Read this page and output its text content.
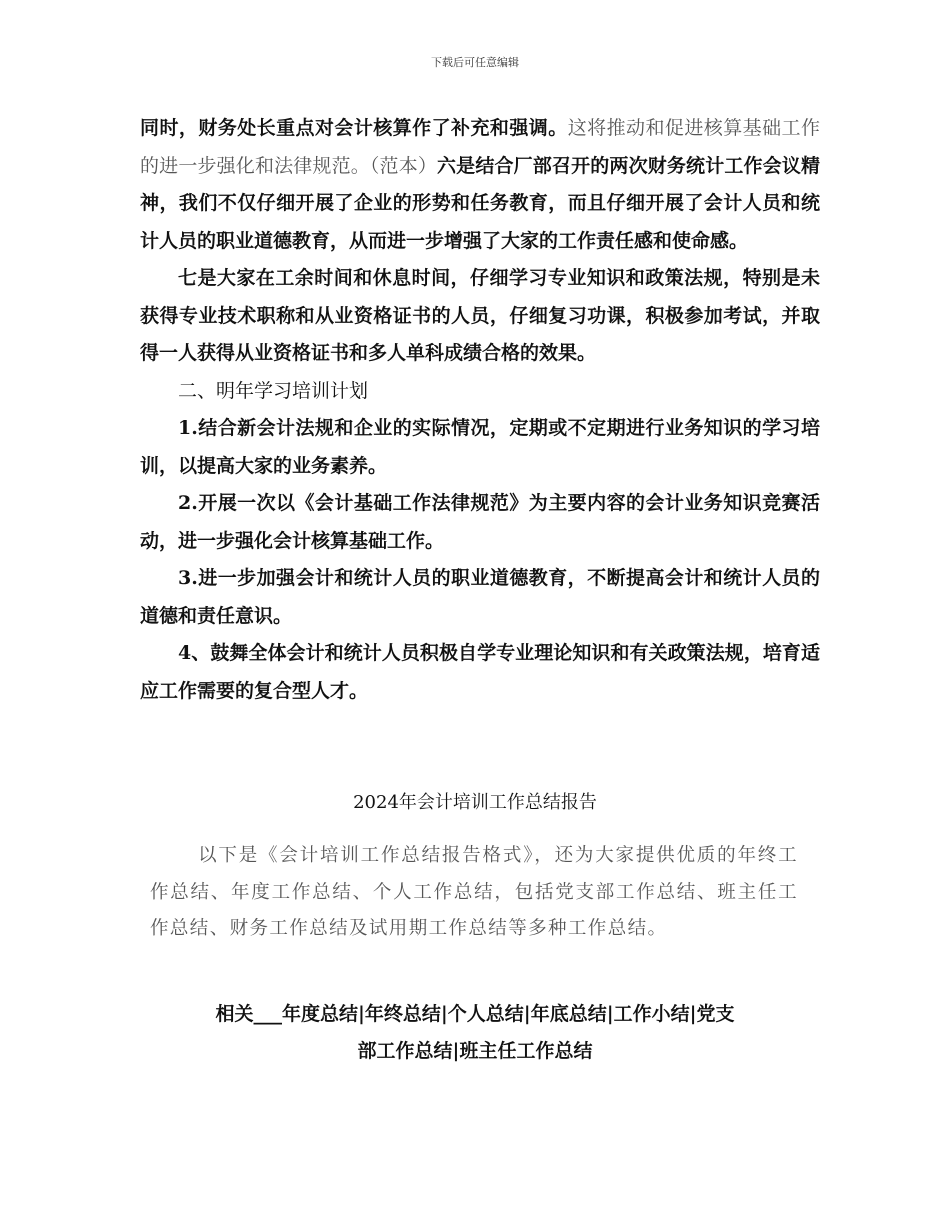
下载后可任意编辑

同时，财务处长重点对会计核算作了补充和强调。这将推动和促进核算基础工作的进一步强化和法律规范。（范本）六是结合厂部召开的两次财务统计工作会议精神，我们不仅仔细开展了企业的形势和任务教育，而且仔细开展了会计人员和统计人员的职业道德教育，从而进一步增强了大家的工作责任感和使命感。

七是大家在工余时间和休息时间，仔细学习专业知识和政策法规，特别是未获得专业技术职称和从业资格证书的人员，仔细复习功课，积极参加考试，并取得一人获得从业资格证书和多人单科成绩合格的效果。

二、明年学习培训计划

1.结合新会计法规和企业的实际情况，定期或不定期进行业务知识的学习培训，以提高大家的业务素养。

2.开展一次以《会计基础工作法律规范》为主要内容的会计业务知识竞赛活动，进一步强化会计核算基础工作。

3.进一步加强会计和统计人员的职业道德教育，不断提高会计和统计人员的道德和责任意识。

4、鼓舞全体会计和统计人员积极自学专业理论知识和有关政策法规，培育适应工作需要的复合型人才。

2024年会计培训工作总结报告

以下是《会计培训工作总结报告格式》，还为大家提供优质的年终工作总结、年度工作总结、个人工作总结，包括党支部工作总结、班主任工作总结、财务工作总结及试用期工作总结等多种工作总结。

相关___年度总结|年终总结|个人总结|年底总结|工作小结|党支
部工作总结|班主任工作总结
